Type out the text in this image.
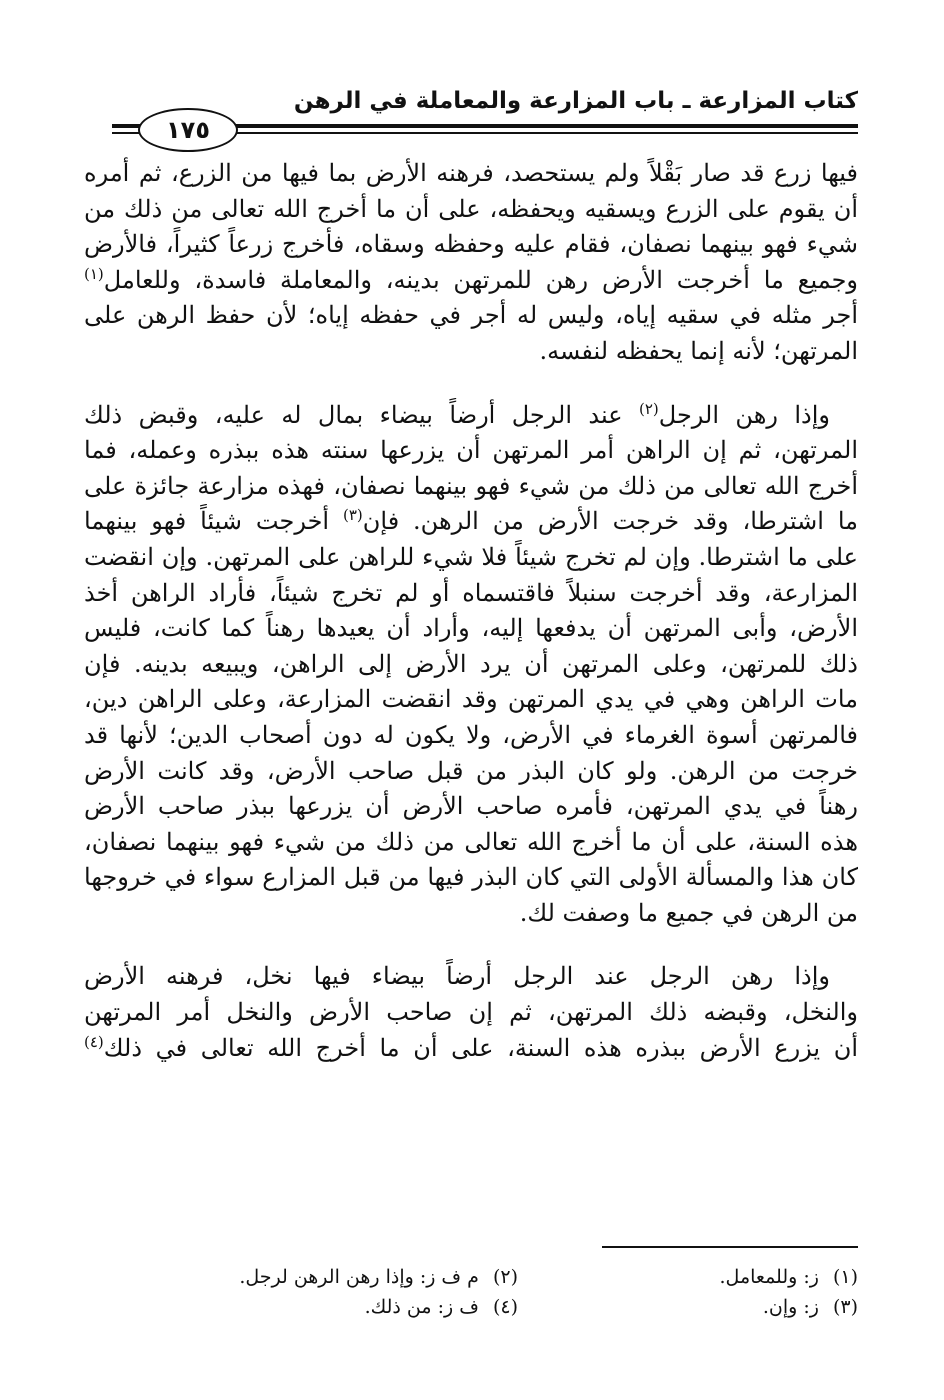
كتاب المزارعة ـ باب المزارعة والمعاملة في الرهن
١٧٥

فيها زرع قد صار بَقْلاً ولم يستحصد، فرهنه الأرض بما فيها من الزرع، ثم أمره
أن يقوم على الزرع ويسقيه ويحفظه، على أن ما أخرج الله تعالى من ذلك من
شيء فهو بينهما نصفان، فقام عليه وحفظه وسقاه، فأخرج زرعاً كثيراً، فالأرض
وجميع ما أخرجت الأرض رهن للمرتهن بدينه، والمعاملة فاسدة، وللعامل$^{(١)}$
أجر مثله في سقيه إياه، وليس له أجر في حفظه إياه؛ لأن حفظ الرهن على
المرتهن؛ لأنه إنما يحفظه لنفسه.

وإذا رهن الرجل$^{(٢)}$ عند الرجل أرضاً بيضاء بمال له عليه، وقبض ذلك
المرتهن، ثم إن الراهن أمر المرتهن أن يزرعها سنته هذه ببذره وعمله، فما
أخرج الله تعالى من ذلك من شيء فهو بينهما نصفان، فهذه مزارعة جائزة على
ما اشترطا، وقد خرجت الأرض من الرهن. فإن$^{(٣)}$ أخرجت شيئاً فهو بينهما
على ما اشترطا. وإن لم تخرج شيئاً فلا شيء للراهن على المرتهن. وإن انقضت
المزارعة، وقد أخرجت سنبلاً فاقتسماه أو لم تخرج شيئاً، فأراد الراهن أخذ
الأرض، وأبى المرتهن أن يدفعها إليه، وأراد أن يعيدها رهناً كما كانت، فليس
ذلك للمرتهن، وعلى المرتهن أن يرد الأرض إلى الراهن، ويبيعه بدينه. فإن
مات الراهن وهي في يدي المرتهن وقد انقضت المزارعة، وعلى الراهن دين،
فالمرتهن أسوة الغرماء في الأرض، ولا يكون له دون أصحاب الدين؛ لأنها قد
خرجت من الرهن. ولو كان البذر من قبل صاحب الأرض، وقد كانت الأرض
رهناً في يدي المرتهن، فأمره صاحب الأرض أن يزرعها ببذر صاحب الأرض
هذه السنة، على أن ما أخرج الله تعالى من ذلك من شيء فهو بينهما نصفان،
كان هذا والمسألة الأولى التي كان البذر فيها من قبل المزارع سواء في خروجها
من الرهن في جميع ما وصفت لك.

وإذا رهن الرجل عند الرجل أرضاً بيضاء فيها نخل، فرهنه الأرض
والنخل، وقبضه ذلك المرتهن، ثم إن صاحب الأرض والنخل أمر المرتهن
أن يزرع الأرض ببذره هذه السنة، على أن ما أخرج الله تعالى في ذلك$^{(٤)}$

(١)ز: وللمعامل.
(٢)م ف ز: وإذا رهن الرهن لرجل.
(٣)ز: وإن.
(٤)ف ز: من ذلك.
